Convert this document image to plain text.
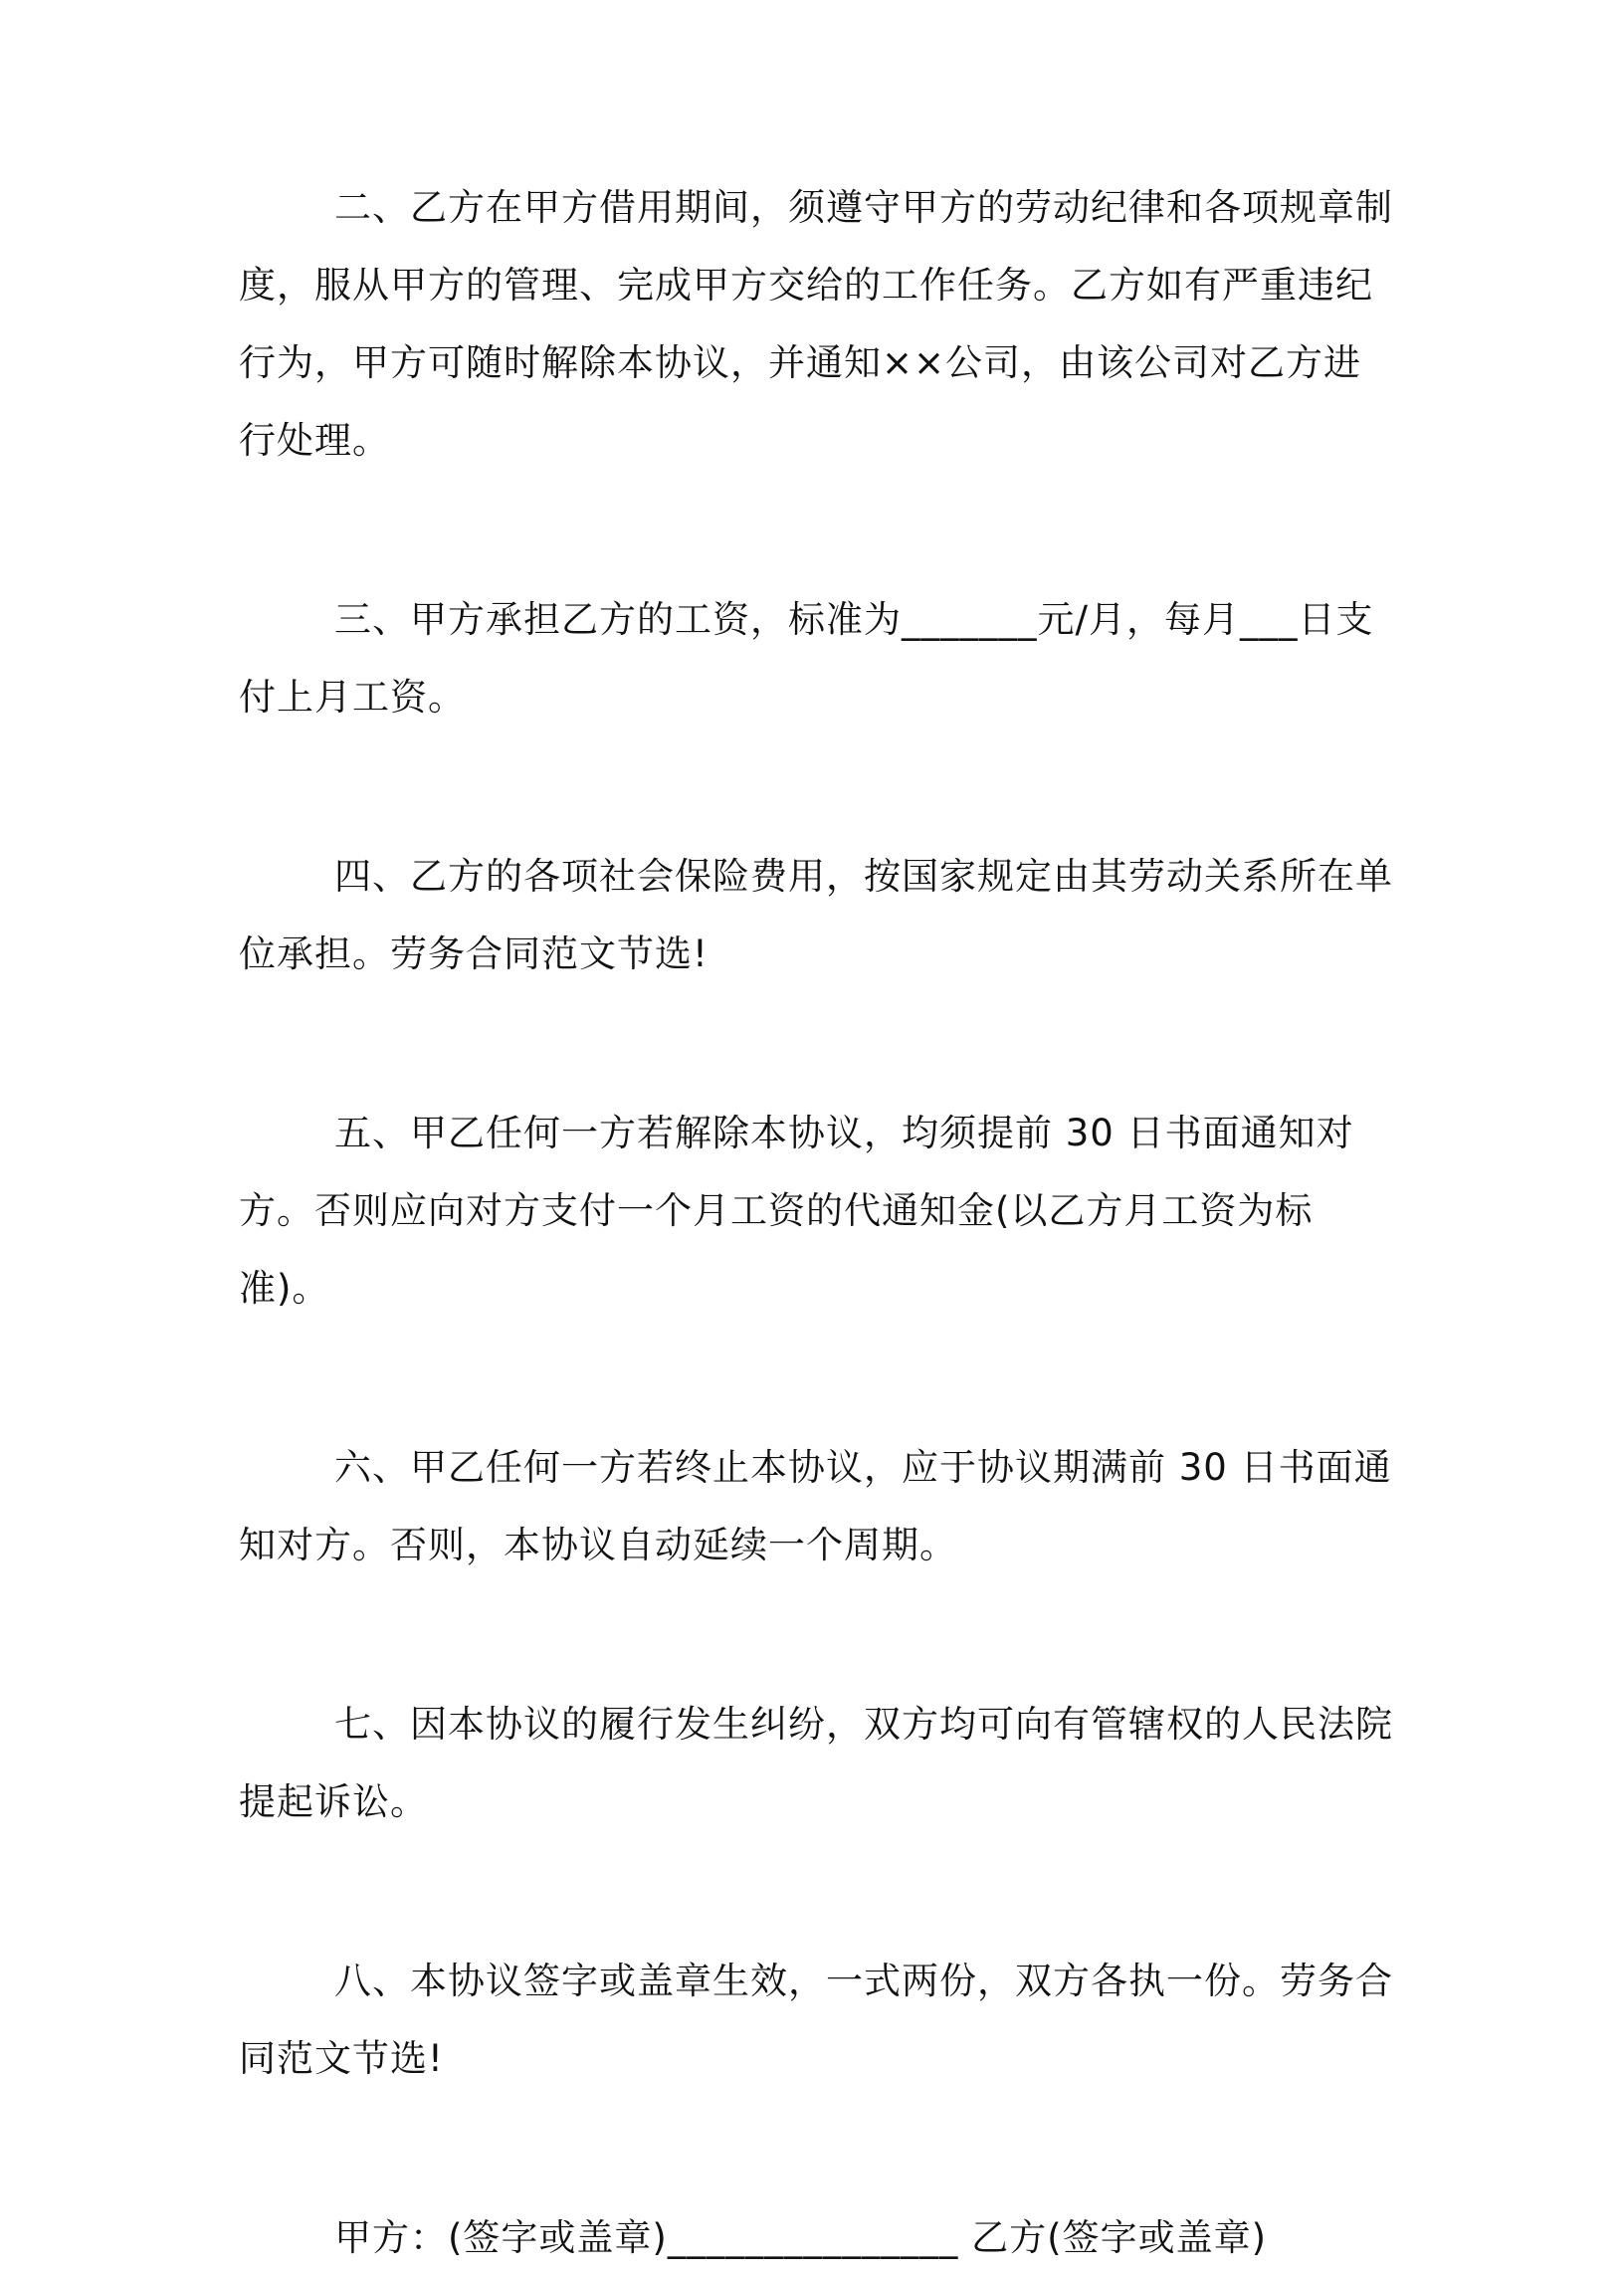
二、乙方在甲方借用期间，须遵守甲方的劳动纪律和各项规章制度，服从甲方的管理、完成甲方交给的工作任务。乙方如有严重违纪行为，甲方可随时解除本协议，并通知××公司，由该公司对乙方进行处理。

三、甲方承担乙方的工资，标准为_______元/月，每月___日支付上月工资。

四、乙方的各项社会保险费用，按国家规定由其劳动关系所在单位承担。劳务合同范文节选!

五、甲乙任何一方若解除本协议，均须提前 30 日书面通知对方。否则应向对方支付一个月工资的代通知金(以乙方月工资为标准)。

六、甲乙任何一方若终止本协议，应于协议期满前 30 日书面通知对方。否则，本协议自动延续一个周期。

七、因本协议的履行发生纠纷，双方均可向有管辖权的人民法院提起诉讼。

八、本协议签字或盖章生效，一式两份，双方各执一份。劳务合同范文节选!

甲方：(签字或盖章)_______________ 乙方(签字或盖章)
